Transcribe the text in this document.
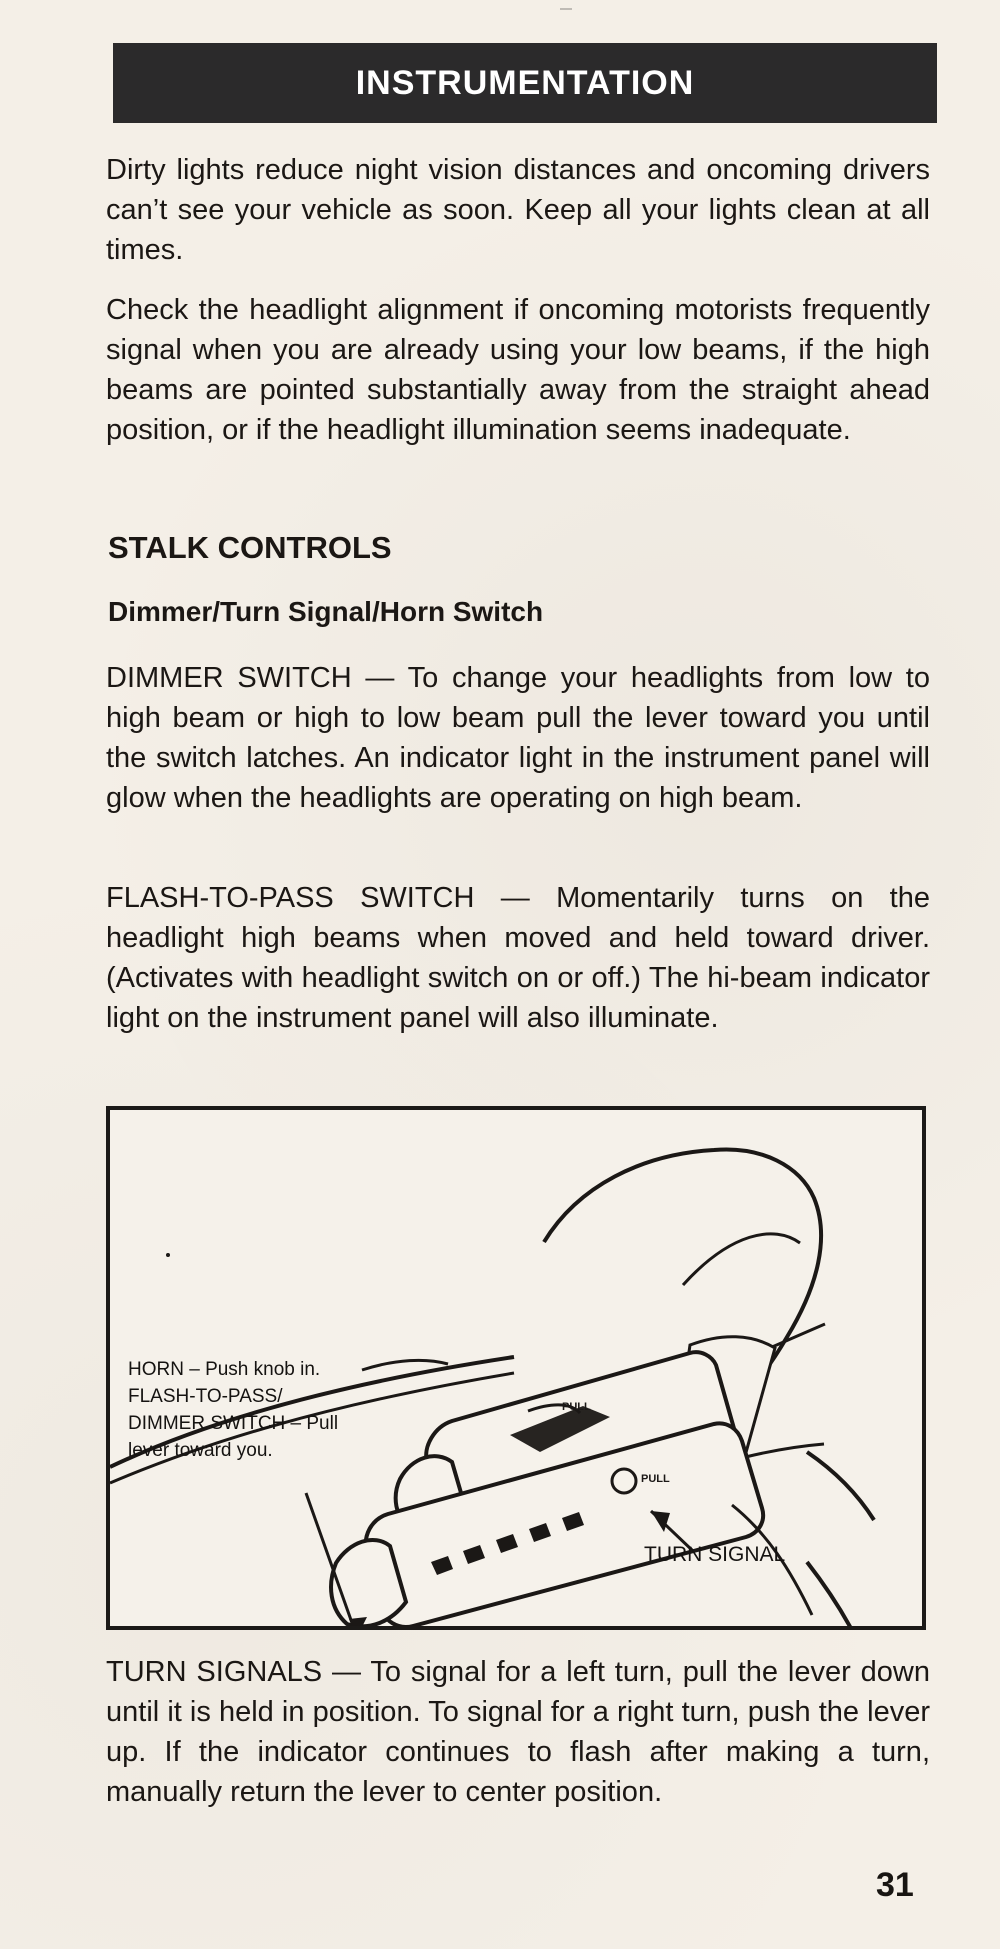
INSTRUMENTATION
Dirty lights reduce night vision distances and oncoming drivers can’t see your vehicle as soon. Keep all your lights clean at all times.
Check the headlight alignment if oncoming motorists frequently signal when you are already using your low beams, if the high beams are pointed substantially away from the straight ahead position, or if the headlight illumination seems inadequate.
STALK CONTROLS
Dimmer/Turn Signal/Horn Switch
DIMMER SWITCH — To change your headlights from low to high beam or high to low beam pull the lever toward you until the switch latches. An indicator light in the instrument panel will glow when the headlights are operating on high beam.
FLASH-TO-PASS SWITCH — Momentarily turns on the headlight high beams when moved and held toward driver. (Activates with headlight switch on or off.) The hi-beam indicator light on the instrument panel will also illuminate.
PULL
PULL
HORN – Push knob in.
FLASH-TO-PASS/
DIMMER SWITCH – Pull
lever toward you.
TURN SIGNAL
TURN SIGNALS — To signal for a left turn, pull the lever down until it is held in position. To signal for a right turn, push the lever up. If the indicator continues to flash after making a turn, manually return the lever to center position.
31
